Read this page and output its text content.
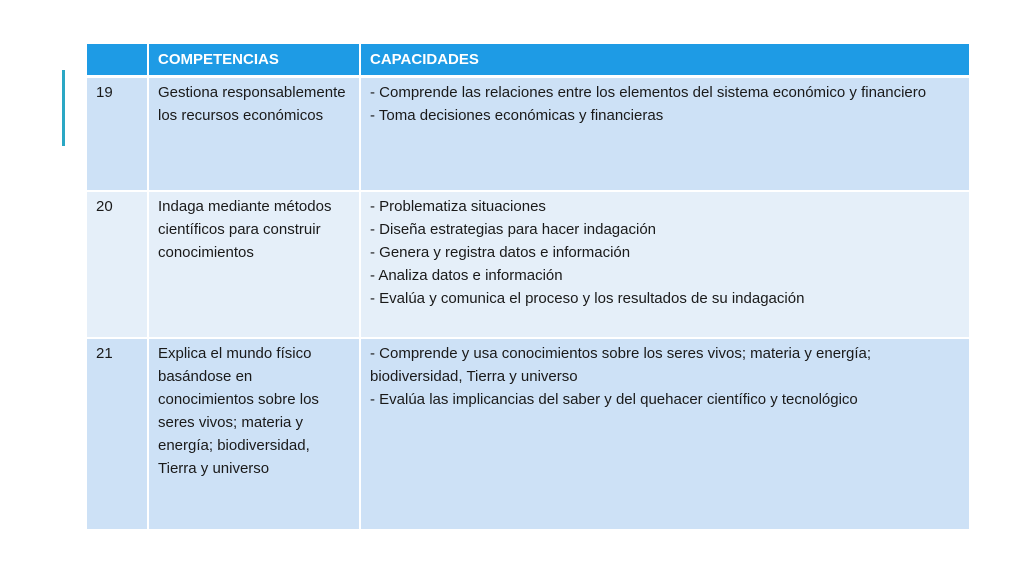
	COMPETENCIAS	CAPACIDADES
19	Gestiona responsablemente los recursos económicos	- Comprende las relaciones entre los elementos del sistema económico y financiero
- Toma decisiones económicas y financieras

20	Indaga mediante métodos científicos para construir conocimientos	- Problematiza situaciones
- Diseña estrategias para hacer indagación
- Genera y registra datos e información
- Analiza datos e información
- Evalúa y comunica el proceso y los resultados de su indagación

21	Explica el mundo físico basándose en conocimientos sobre los seres vivos; materia y energía; biodiversidad, Tierra y universo	- Comprende y usa conocimientos sobre los seres vivos; materia y energía; biodiversidad, Tierra y universo
- Evalúa las implicancias del saber y del quehacer científico y tecnológico
